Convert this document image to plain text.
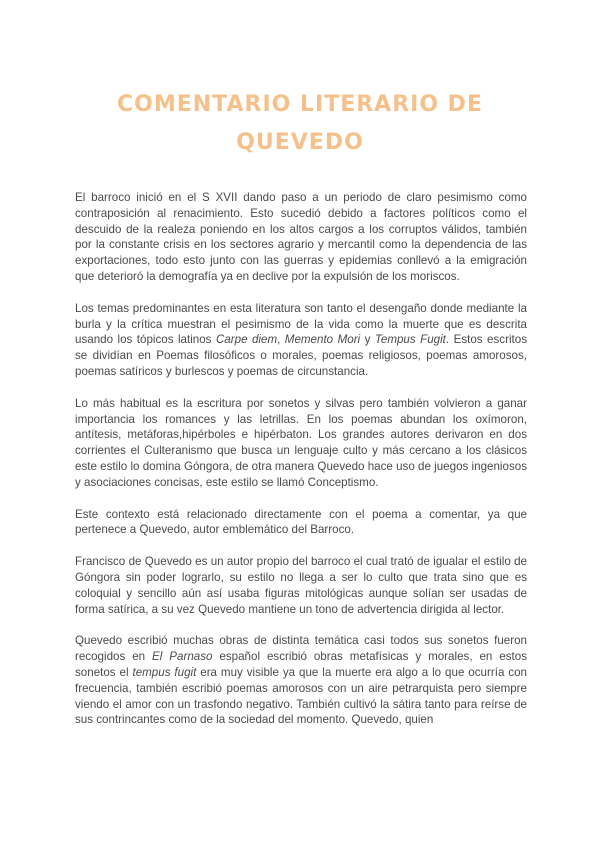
COMENTARIO LITERARIO DE
QUEVEDO

El barroco inició en el S XVII dando paso a un periodo de claro pesimismo como contraposición al renacimiento. Esto sucedió debido a factores políticos como el descuido de la realeza poniendo en los altos cargos a los corruptos válidos, también por la constante crisis en los sectores agrario y mercantil como la dependencia de las exportaciones, todo esto junto con las guerras y epidemias conllevó a la emigración que deterioró la demografía ya en declive por la expulsión de los moriscos.

Los temas predominantes en esta literatura son tanto el desengaño donde mediante la burla y la crítica muestran el pesimismo de la vida como la muerte que es descrita usando los tópicos latinos Carpe diem, Memento Mori y Tempus Fugit. Estos escritos se dividían en Poemas filosóficos o morales, poemas religiosos, poemas amorosos, poemas satíricos y burlescos y poemas de circunstancia.

Lo más habitual es la escritura por sonetos y silvas pero también volvieron a ganar importancia los romances y las letrillas. En los poemas abundan los oxímoron, antítesis, metáforas,hipérboles e hipérbaton. Los grandes autores derivaron en dos corrientes el Culteranismo que busca un lenguaje culto y más cercano a los clásicos este estilo lo domina Góngora, de otra manera Quevedo hace uso de juegos ingeniosos y asociaciones concisas, este estilo se llamó Conceptismo.

Este contexto está relacionado directamente con el poema a comentar, ya que pertenece a Quevedo, autor emblemático del Barroco.

Francisco de Quevedo es un autor propio del barroco el cual trató de igualar el estilo de Góngora sin poder lograrlo, su estilo no llega a ser lo culto que trata sino que es coloquial y sencillo aún así usaba figuras mitológicas aunque solían ser usadas de forma satírica, a su vez Quevedo mantiene un tono de advertencia dirigida al lector.

Quevedo escribió muchas obras de distinta temática casi todos sus sonetos fueron recogidos en El Parnaso español escribió obras metafísicas y morales, en estos sonetos el tempus fugit era muy visible ya que la muerte era algo a lo que ocurría con frecuencia, también escribió poemas amorosos con un aire petrarquista pero siempre viendo el amor con un trasfondo negativo. También cultivó la sátira tanto para reírse de sus contrincantes como de la sociedad del momento. Quevedo, quien
